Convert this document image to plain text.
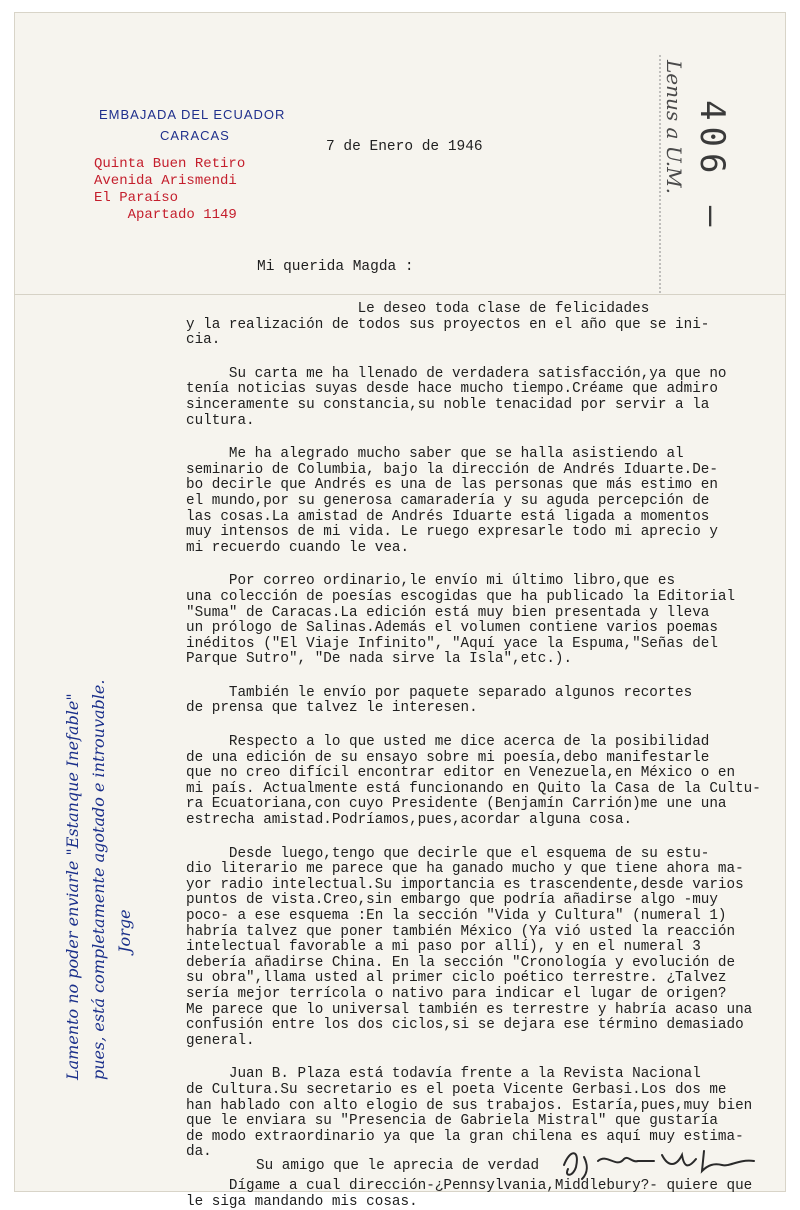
EMBAJADA DEL ECUADOR
CARACAS
Quinta Buen Retiro
Avenida Arismendi
El Paraíso
Apartado 1149
7 de Enero de 1946	Lenus a U.M. 406 —
Mi querida Magda :
Le deseo toda clase de felicidades
y la realización de todos sus proyectos en el año que se ini-
cia.
Su carta me ha llenado de verdadera satisfacción,ya que no
tenía noticias suyas desde hace mucho tiempo.Créame que admiro
sinceramente su constancia,su noble tenacidad por servir a la
cultura.
Me ha alegrado mucho saber que se halla asistiendo al
seminario de Columbia, bajo la dirección de Andrés Iduarte.De-
bo decirle que Andrés es una de las personas que más estimo en
el mundo,por su generosa camaradería y su aguda percepción de
las cosas.La amistad de Andrés Iduarte está ligada a momentos
muy intensos de mi vida. Le ruego expresarle todo mi aprecio y
mi recuerdo cuando le vea.
Por correo ordinario,le envío mi último libro,que es
una colección de poesías escogidas que ha publicado la Editorial
"Suma" de Caracas.La edición está muy bien presentada y lleva
un prólogo de Salinas.Además el volumen contiene varios poemas
inéditos ("El Viaje Infinito", "Aquí yace la Espuma,"Señas del
Parque Sutro", "De nada sirve la Isla",etc.).
También le envío por paquete separado algunos recortes
de prensa que talvez le interesen.
Respecto a lo que usted me dice acerca de la posibilidad
de una edición de su ensayo sobre mi poesía,debo manifestarle
que no creo difícil encontrar editor en Venezuela,en México o en
mi país. Actualmente está funcionando en Quito la Casa de la Cultu-
ra Ecuatoriana,con cuyo Presidente (Benjamín Carrión)me une una
estrecha amistad.Podríamos,pues,acordar alguna cosa.
Desde luego,tengo que decirle que el esquema de su estu-
dio literario me parece que ha ganado mucho y que tiene ahora ma-
yor radio intelectual.Su importancia es trascendente,desde varios
puntos de vista.Creo,sin embargo que podría añadirse algo -muy
poco- a ese esquema :En la sección "Vida y Cultura" (numeral 1)
habría talvez que poner también México (Ya vió usted la reacción
intelectual favorable a mi paso por allí), y en el numeral 3
debería añadirse China. En la sección "Cronología y evolución de
su obra",llama usted al primer ciclo poético terrestre. ¿Talvez
sería mejor terrícola o nativo para indicar el lugar de origen?
Me parece que lo universal también es terrestre y habría acaso una
confusión entre los dos ciclos,si se dejara ese término demasiado
general.
Juan B. Plaza está todavía frente a la Revista Nacional
de Cultura.Su secretario es el poeta Vicente Gerbasi.Los dos me
han hablado con alto elogio de sus trabajos. Estaría,pues,muy bien
que le enviara su "Presencia de Gabriela Mistral" que gustaría
de modo extraordinario ya que la gran chilena es aquí muy estima-
da.
Dígame a cual dirección-¿Pennsylvania,Middlebury?- quiere que
le siga mandando mis cosas.
Su amigo que le aprecia de verdad
Lamento no poder enviarle "Estanque Inefable" pues, está completamente agotado e introuvable. Jorge
